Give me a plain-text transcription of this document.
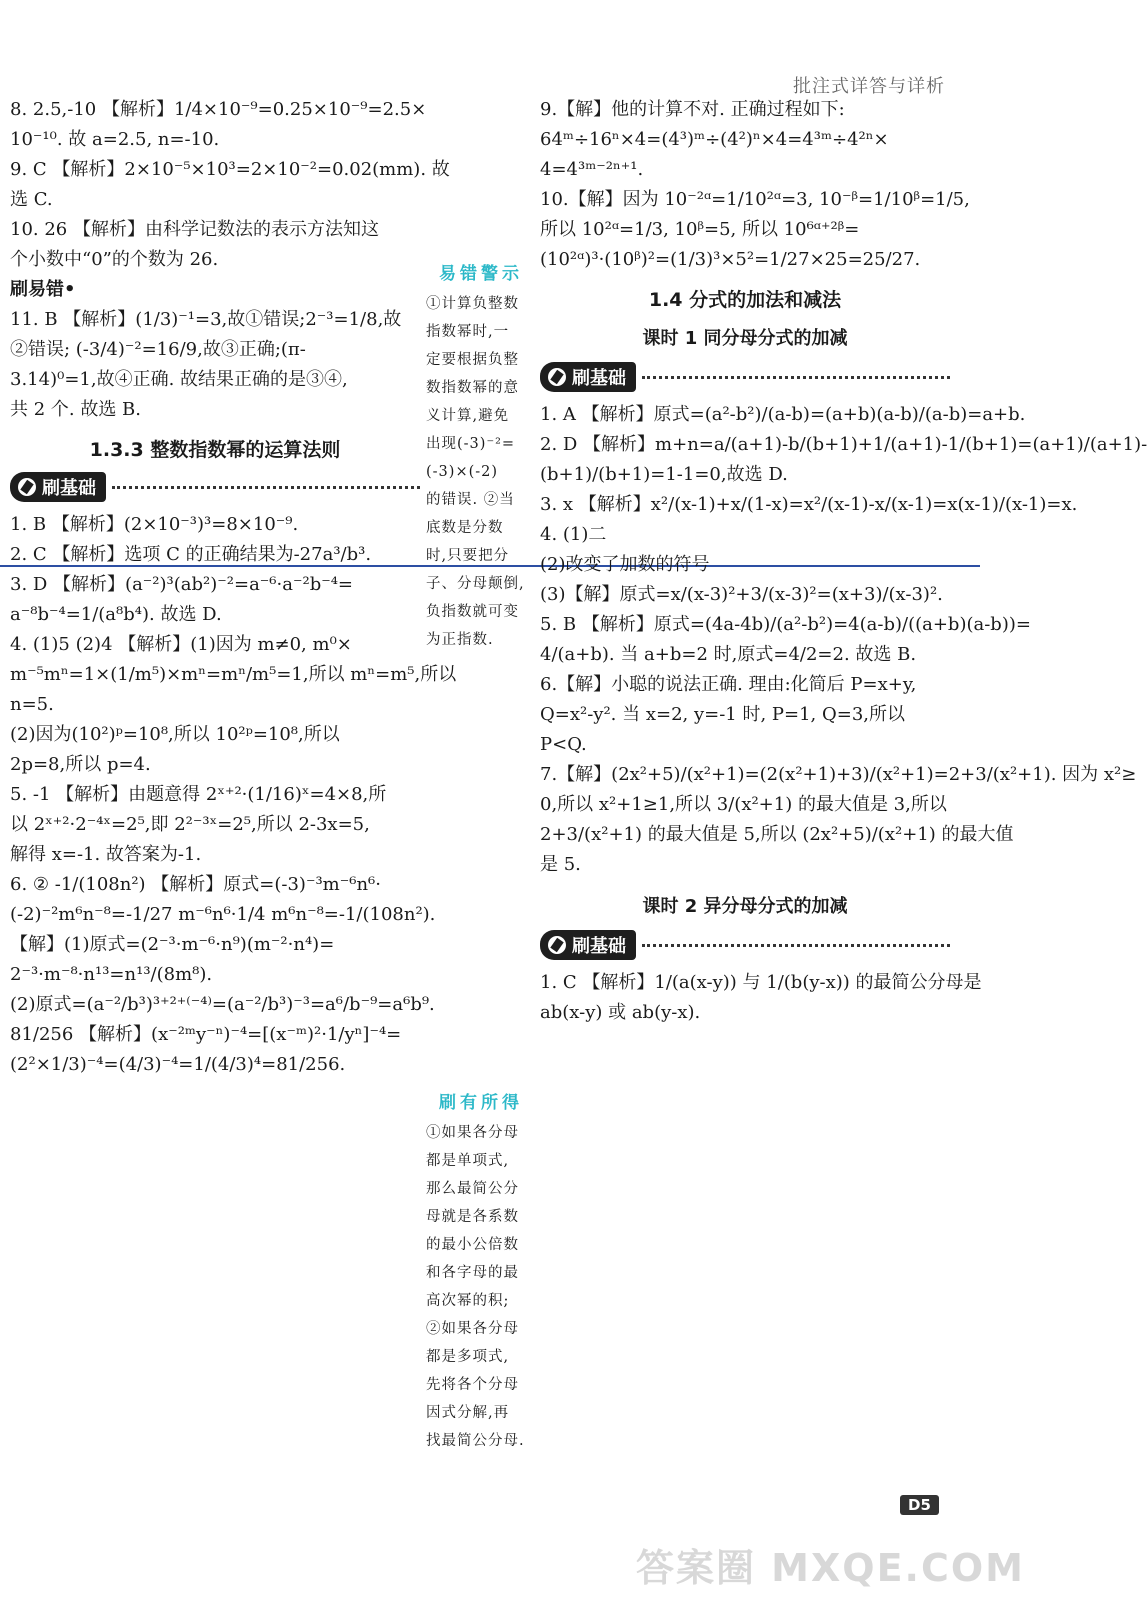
批注式详答与详析

8. 2.5,-10 【解析】1/4×10⁻⁹=0.25×10⁻⁹=2.5×

10⁻¹⁰. 故 a=2.5, n=-10.

9. C 【解析】2×10⁻⁵×10³=2×10⁻²=0.02(mm). 故

选 C.

10. 26 【解析】由科学记数法的表示方法知这

个小数中“0”的个数为 26.

刷易错•

11. B 【解析】(1/3)⁻¹=3,故①错误;2⁻³=1/8,故

②错误; (-3/4)⁻²=16/9,故③正确;(π-

3.14)⁰=1,故④正确. 故结果正确的是③④,

共 2 个. 故选 B.

1.3.3 整数指数幂的运算法则
刷基础

1. B 【解析】(2×10⁻³)³=8×10⁻⁹.

2. C 【解析】选项 C 的正确结果为-27a³/b³.

3. D 【解析】(a⁻²)³(ab²)⁻²=a⁻⁶·a⁻²b⁻⁴=

a⁻⁸b⁻⁴=1/(a⁸b⁴). 故选 D.

4. (1)5 (2)4 【解析】(1)因为 m≠0, m⁰×

m⁻⁵mⁿ=1×(1/m⁵)×mⁿ=mⁿ/m⁵=1,所以 mⁿ=m⁵,所以

n=5.

(2)因为(10²)ᵖ=10⁸,所以 10²ᵖ=10⁸,所以

2p=8,所以 p=4.

5. -1 【解析】由题意得 2ˣ⁺²·(1/16)ˣ=4×8,所

以 2ˣ⁺²·2⁻⁴ˣ=2⁵,即 2²⁻³ˣ=2⁵,所以 2-3x=5,

解得 x=-1. 故答案为-1.

6. ② -1/(108n²) 【解析】原式=(-3)⁻³m⁻⁶n⁶·

(-2)⁻²m⁶n⁻⁸=-1/27 m⁻⁶n⁶·1/4 m⁶n⁻⁸=-1/(108n²).

【解】(1)原式=(2⁻³·m⁻⁶·n⁹)(m⁻²·n⁴)=

2⁻³·m⁻⁸·n¹³=n¹³/(8m⁸).

(2)原式=(a⁻²/b³)³⁺²⁺⁽⁻⁴⁾=(a⁻²/b³)⁻³=a⁶/b⁻⁹=a⁶b⁹.

81/256 【解析】(x⁻²ᵐy⁻ⁿ)⁻⁴=[(x⁻ᵐ)²·1/yⁿ]⁻⁴=

(2²×1/3)⁻⁴=(4/3)⁻⁴=1/(4/3)⁴=81/256.

易错警示

①计算负整数

指数幂时,一

定要根据负整

数指数幂的意

义计算,避免

出现(-3)⁻²=

(-3)×(-2)

的错误. ②当

底数是分数

时,只要把分

子、分母颠倒,

负指数就可变

为正指数.

刷有所得

①如果各分母

都是单项式,

那么最简公分

母就是各系数

的最小公倍数

和各字母的最

高次幂的积;

②如果各分母

都是多项式,

先将各个分母

因式分解,再

找最简公分母.

9.【解】他的计算不对. 正确过程如下:

64ᵐ÷16ⁿ×4=(4³)ᵐ÷(4²)ⁿ×4=4³ᵐ÷4²ⁿ×

4=4³ᵐ⁻²ⁿ⁺¹.

10.【解】因为 10⁻²ᵅ=1/10²ᵅ=3, 10⁻ᵝ=1/10ᵝ=1/5,

所以 10²ᵅ=1/3, 10ᵝ=5, 所以 10⁶ᵅ⁺²ᵝ=

(10²ᵅ)³·(10ᵝ)²=(1/3)³×5²=1/27×25=25/27.

1.4 分式的加法和减法
课时 1 同分母分式的加减
刷基础

1. A 【解析】原式=(a²-b²)/(a-b)=(a+b)(a-b)/(a-b)=a+b.

2. D 【解析】m+n=a/(a+1)-b/(b+1)+1/(a+1)-1/(b+1)=(a+1)/(a+1)-

(b+1)/(b+1)=1-1=0,故选 D.

3. x 【解析】x²/(x-1)+x/(1-x)=x²/(x-1)-x/(x-1)=x(x-1)/(x-1)=x.

4. (1)二

(2)改变了加数的符号

(3)【解】原式=x/(x-3)²+3/(x-3)²=(x+3)/(x-3)².

5. B 【解析】原式=(4a-4b)/(a²-b²)=4(a-b)/((a+b)(a-b))=

4/(a+b). 当 a+b=2 时,原式=4/2=2. 故选 B.

6.【解】小聪的说法正确. 理由:化简后 P=x+y,

Q=x²-y². 当 x=2, y=-1 时, P=1, Q=3,所以

P<Q.

7.【解】(2x²+5)/(x²+1)=(2(x²+1)+3)/(x²+1)=2+3/(x²+1). 因为 x²≥

0,所以 x²+1≥1,所以 3/(x²+1) 的最大值是 3,所以

2+3/(x²+1) 的最大值是 5,所以 (2x²+5)/(x²+1) 的最大值

是 5.

课时 2 异分母分式的加减
刷基础

1. C 【解析】1/(a(x-y)) 与 1/(b(y-x)) 的最简公分母是

ab(x-y) 或 ab(y-x).

D5
答案圈 MXQE.COM
